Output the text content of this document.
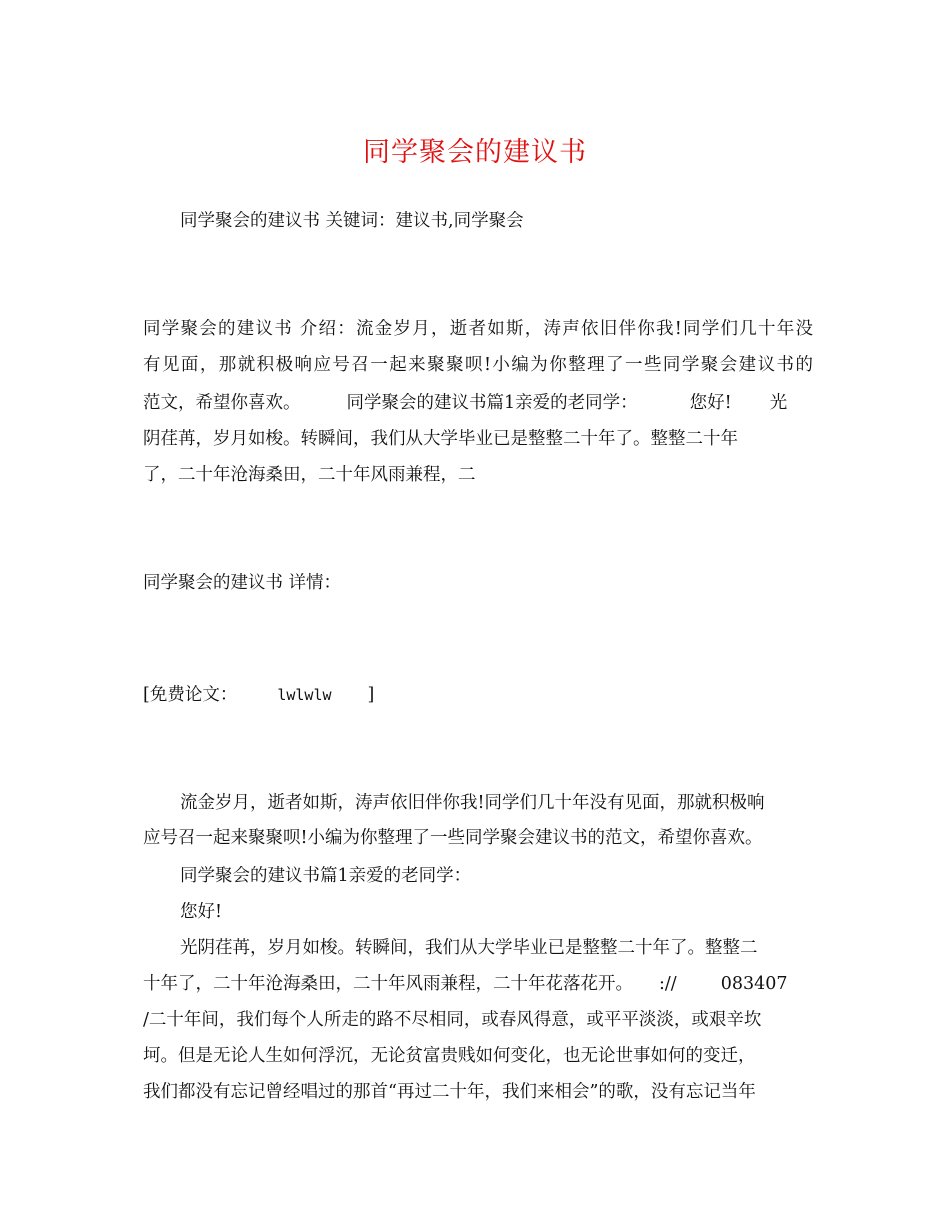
同学聚会的建议书
同学聚会的建议书 关键词：建议书,同学聚会
同学聚会的建议书 介绍：流金岁月，逝者如斯，涛声依旧伴你我!同学们几十年没
有见面，那就积极响应号召一起来聚聚呗!小编为你整理了一些同学聚会建议书的
范文，希望你喜欢。	同学聚会的建议书篇1亲爱的老同学：	您好! 光
阴荏苒，岁月如梭。转瞬间，我们从大学毕业已是整整二十年了。整整二十年
了，二十年沧海桑田，二十年风雨兼程，二
同学聚会的建议书 详情：
[免费论文：	lwlwlw ]
流金岁月，逝者如斯，涛声依旧伴你我!同学们几十年没有见面，那就积极响
应号召一起来聚聚呗!小编为你整理了一些同学聚会建议书的范文，希望你喜欢。
同学聚会的建议书篇1亲爱的老同学：
您好!
光阴荏苒，岁月如梭。转瞬间，我们从大学毕业已是整整二十年了。整整二
十年了，二十年沧海桑田，二十年风雨兼程，二十年花落花开。 ://	083407
/二十年间，我们每个人所走的路不尽相同，或春风得意，或平平淡淡，或艰辛坎
坷。但是无论人生如何浮沉，无论贫富贵贱如何变化，也无论世事如何的变迁，
我们都没有忘记曾经唱过的那首“再过二十年，我们来相会”的歌，没有忘记当年
